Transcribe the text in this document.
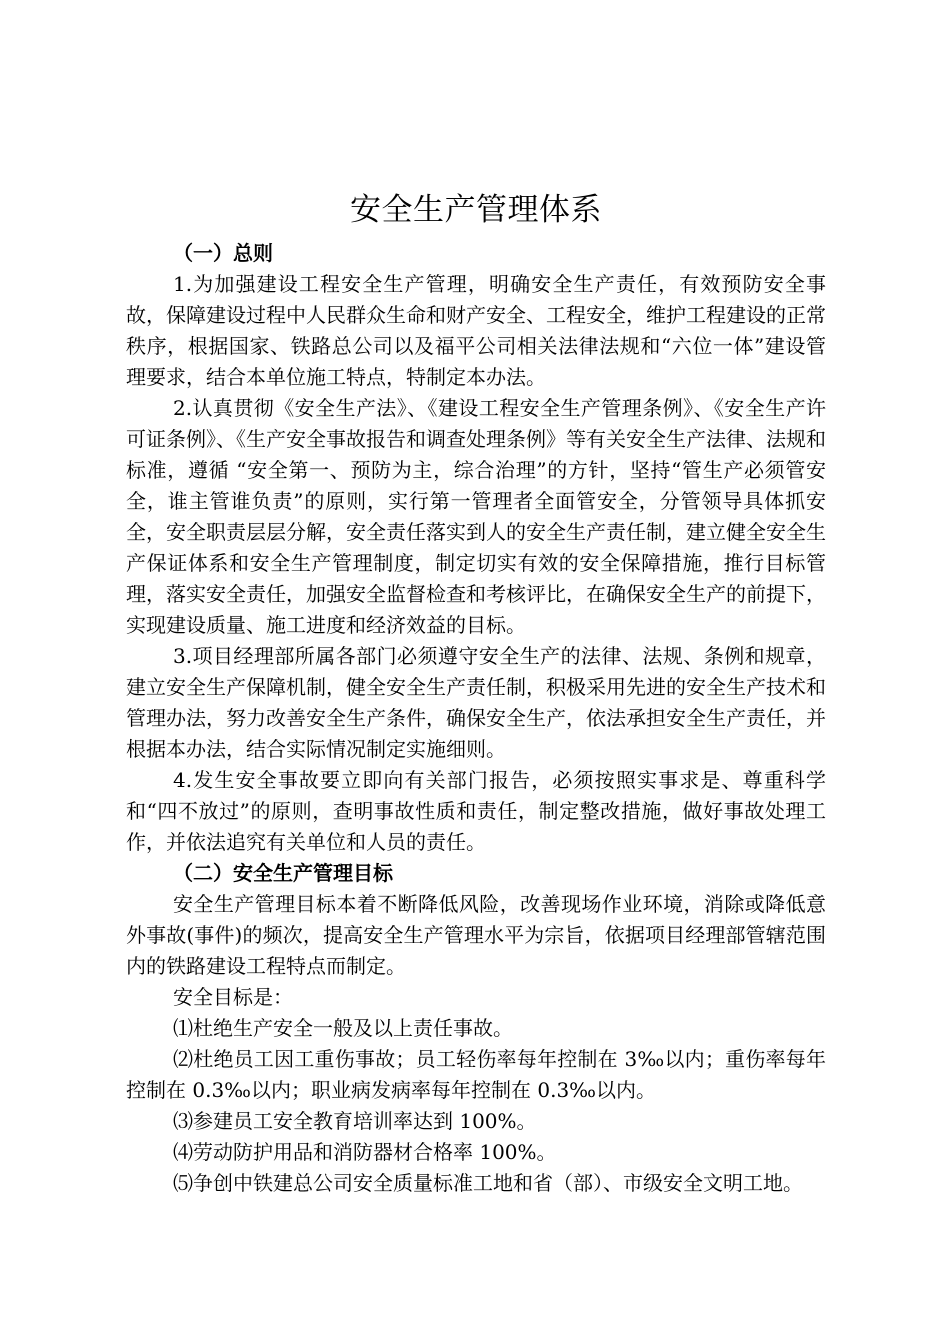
安全生产管理体系
（一）总则

1.为加强建设工程安全生产管理，明确安全生产责任，有效预防安全事故，保障建设过程中人民群众生命和财产安全、工程安全，维护工程建设的正常秩序，根据国家、铁路总公司以及福平公司相关法律法规和“六位一体”建设管理要求，结合本单位施工特点，特制定本办法。

2.认真贯彻《安全生产法》、《建设工程安全生产管理条例》、《安全生产许可证条例》、《生产安全事故报告和调查处理条例》等有关安全生产法律、法规和标准，遵循 “安全第一、预防为主，综合治理”的方针，坚持“管生产必须管安全，谁主管谁负责”的原则，实行第一管理者全面管安全，分管领导具体抓安全，安全职责层层分解，安全责任落实到人的安全生产责任制，建立健全安全生产保证体系和安全生产管理制度，制定切实有效的安全保障措施，推行目标管理，落实安全责任，加强安全监督检查和考核评比，在确保安全生产的前提下，实现建设质量、施工进度和经济效益的目标。

3.项目经理部所属各部门必须遵守安全生产的法律、法规、条例和规章，建立安全生产保障机制，健全安全生产责任制，积极采用先进的安全生产技术和管理办法，努力改善安全生产条件，确保安全生产，依法承担安全生产责任，并根据本办法，结合实际情况制定实施细则。

4.发生安全事故要立即向有关部门报告，必须按照实事求是、尊重科学和“四不放过”的原则，查明事故性质和责任，制定整改措施，做好事故处理工作，并依法追究有关单位和人员的责任。

（二）安全生产管理目标

安全生产管理目标本着不断降低风险，改善现场作业环境，消除或降低意外事故(事件)的频次，提高安全生产管理水平为宗旨，依据项目经理部管辖范围内的铁路建设工程特点而制定。

安全目标是：

⑴杜绝生产安全一般及以上责任事故。

⑵杜绝员工因工重伤事故；员工轻伤率每年控制在 3‰以内；重伤率每年控制在 0.3‰以内；职业病发病率每年控制在 0.3‰以内。

⑶参建员工安全教育培训率达到 100%。

⑷劳动防护用品和消防器材合格率 100%。

⑸争创中铁建总公司安全质量标准工地和省（部）、市级安全文明工地。
